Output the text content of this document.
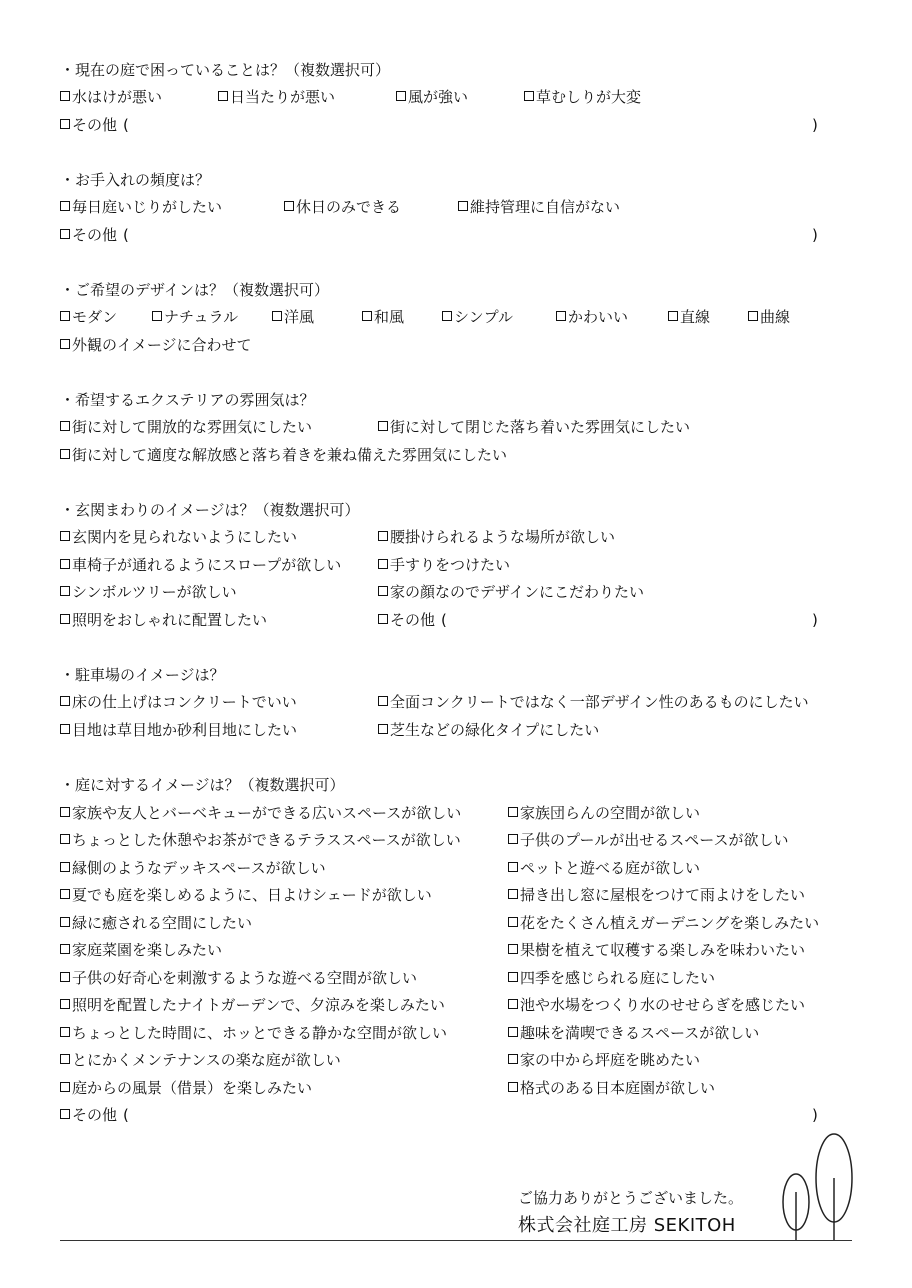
・現在の庭で困っていることは？（複数選択可）
水はけが悪い	日当たりが悪い	風が強い	草むしりが大変
その他 (	)
・お手入れの頻度は？
毎日庭いじりがしたい	休日のみできる	維持管理に自信がない
その他 (	)
・ご希望のデザインは？（複数選択可）
モダン	ナチュラル	洋風	和風	シンプル	かわいい	直線	曲線
外観のイメージに合わせて
・希望するエクステリアの雰囲気は？
街に対して開放的な雰囲気にしたい	街に対して閉じた落ち着いた雰囲気にしたい
街に対して適度な解放感と落ち着きを兼ね備えた雰囲気にしたい
・玄関まわりのイメージは？（複数選択可）
玄関内を見られないようにしたい	腰掛けられるような場所が欲しい
車椅子が通れるようにスロープが欲しい	手すりをつけたい
シンボルツリーが欲しい	家の顔なのでデザインにこだわりたい
照明をおしゃれに配置したい	その他 (	)
・駐車場のイメージは？
床の仕上げはコンクリートでいい	全面コンクリートではなく一部デザイン性のあるものにしたい
目地は草目地か砂利目地にしたい	芝生などの緑化タイプにしたい
・庭に対するイメージは？（複数選択可）
家族や友人とバーベキューができる広いスペースが欲しい	家族団らんの空間が欲しい
ちょっとした休憩やお茶ができるテラススペースが欲しい	子供のプールが出せるスペースが欲しい
縁側のようなデッキスペースが欲しい	ペットと遊べる庭が欲しい
夏でも庭を楽しめるように、日よけシェードが欲しい	掃き出し窓に屋根をつけて雨よけをしたい
緑に癒される空間にしたい	花をたくさん植えガーデニングを楽しみたい
家庭菜園を楽しみたい	果樹を植えて収穫する楽しみを味わいたい
子供の好奇心を刺激するような遊べる空間が欲しい	四季を感じられる庭にしたい
照明を配置したナイトガーデンで、夕涼みを楽しみたい	池や水場をつくり水のせせらぎを感じたい
ちょっとした時間に、ホッとできる静かな空間が欲しい	趣味を満喫できるスペースが欲しい
とにかくメンテナンスの楽な庭が欲しい	家の中から坪庭を眺めたい
庭からの風景（借景）を楽しみたい	格式のある日本庭園が欲しい
その他 (	)
ご協力ありがとうございました。
株式会社庭工房 SEKITOH
